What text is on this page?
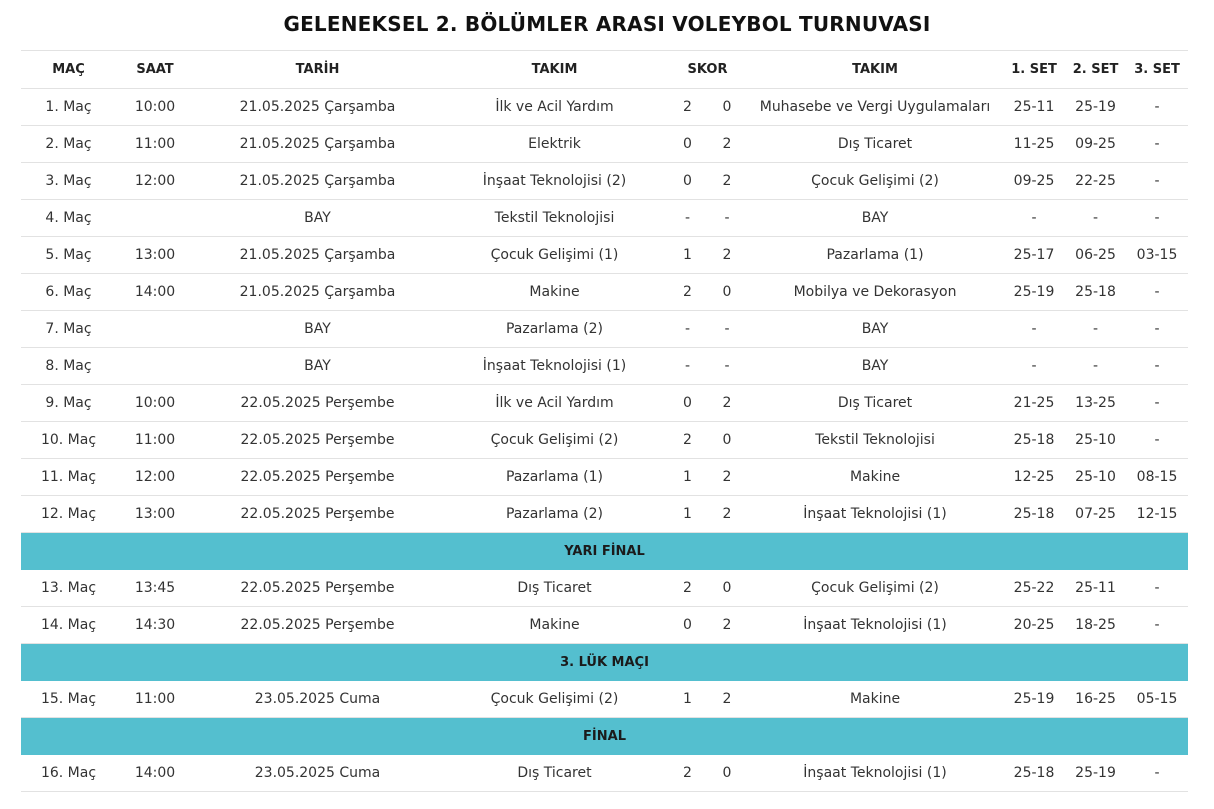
GELENEKSEL 2. BÖLÜMLER ARASI VOLEYBOL TURNUVASI
MAÇ	SAAT	TARİH	TAKIM	SKOR		TAKIM	1. SET	2. SET	3. SET
1. Maç	10:00	21.05.2025 Çarşamba	İlk ve Acil Yardım	2	0	Muhasebe ve Vergi Uygulamaları	25-11	25-19	-
2. Maç	11:00	21.05.2025 Çarşamba	Elektrik	0	2	Dış Ticaret	11-25	09-25	-
3. Maç	12:00	21.05.2025 Çarşamba	İnşaat Teknolojisi (2)	0	2	Çocuk Gelişimi (2)	09-25	22-25	-
4. Maç		BAY	Tekstil Teknolojisi	-	-	BAY	-	-	-
5. Maç	13:00	21.05.2025 Çarşamba	Çocuk Gelişimi (1)	1	2	Pazarlama (1)	25-17	06-25	03-15
6. Maç	14:00	21.05.2025 Çarşamba	Makine	2	0	Mobilya ve Dekorasyon	25-19	25-18	-
7. Maç		BAY	Pazarlama (2)	-	-	BAY	-	-	-
8. Maç		BAY	İnşaat Teknolojisi (1)	-	-	BAY	-	-	-
9. Maç	10:00	22.05.2025 Perşembe	İlk ve Acil Yardım	0	2	Dış Ticaret	21-25	13-25	-
10. Maç	11:00	22.05.2025 Perşembe	Çocuk Gelişimi (2)	2	0	Tekstil Teknolojisi	25-18	25-10	-
11. Maç	12:00	22.05.2025 Perşembe	Pazarlama (1)	1	2	Makine	12-25	25-10	08-15
12. Maç	13:00	22.05.2025 Perşembe	Pazarlama (2)	1	2	İnşaat Teknolojisi (1)	25-18	07-25	12-15
YARI FİNAL									
13. Maç	13:45	22.05.2025 Perşembe	Dış Ticaret	2	0	Çocuk Gelişimi (2)	25-22	25-11	-
14. Maç	14:30	22.05.2025 Perşembe	Makine	0	2	İnşaat Teknolojisi (1)	20-25	18-25	-
3. LÜK MAÇI									
15. Maç	11:00	23.05.2025 Cuma	Çocuk Gelişimi (2)	1	2	Makine	25-19	16-25	05-15
FİNAL									
16. Maç	14:00	23.05.2025 Cuma	Dış Ticaret	2	0	İnşaat Teknolojisi (1)	25-18	25-19	-
